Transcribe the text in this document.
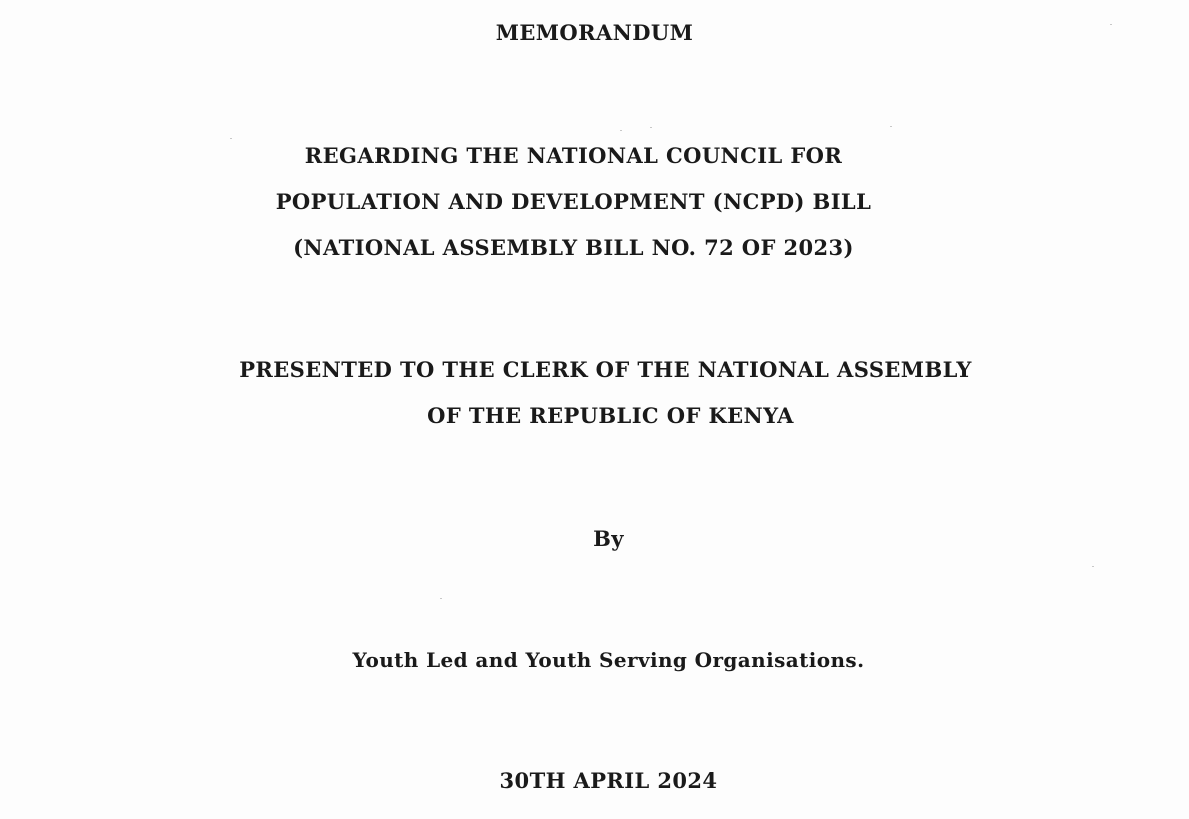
MEMORANDUM
REGARDING THE NATIONAL COUNCIL FOR
POPULATION AND DEVELOPMENT (NCPD) BILL
(NATIONAL ASSEMBLY BILL NO. 72 OF 2023)
PRESENTED TO THE CLERK OF THE NATIONAL ASSEMBLY
OF THE REPUBLIC OF KENYA
By
Youth Led and Youth Serving Organisations.
30TH APRIL 2024
